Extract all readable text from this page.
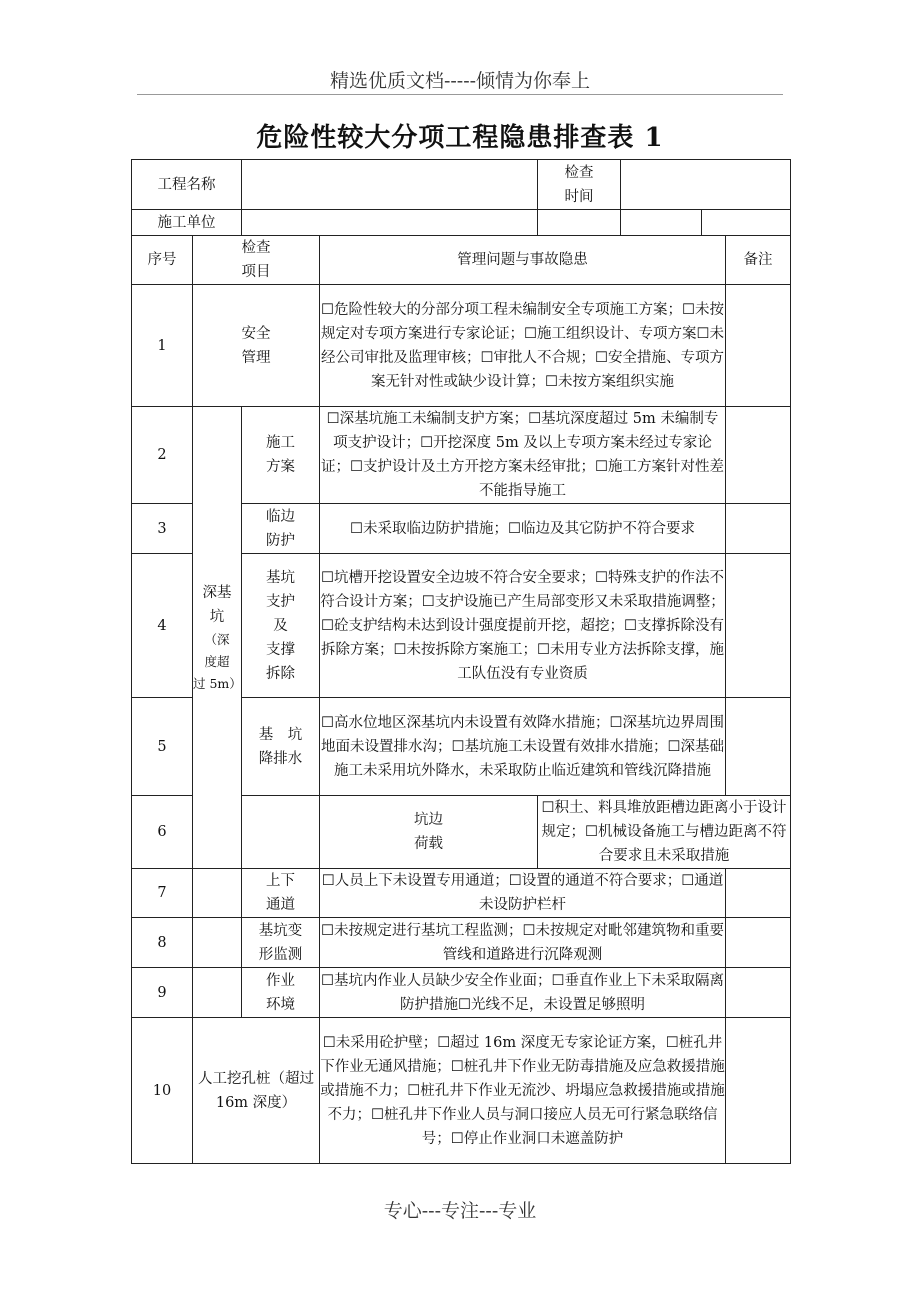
精选优质文档-----倾情为你奉上
危险性较大分项工程隐患排查表 1
工程名称				检查
时间				

施工单位								
序号	检查
项目		管理问题与事故隐患				备注	
1	安全
管理		☐危险性较大的分部分项工程未编制安全专项施工方案；☐未按规定对专项方案进行专家论证；☐施工组织设计、专项方案☐未经公司审批及监理审核；☐审批人不合规；☐安全措施、专项方案无针对性或缺少设计算；☐未按方案组织实施					
2	深基
坑
（深
度超
过 5m）	施工
方案	☐深基坑施工未编制支护方案；☐基坑深度超过 5m 未编制专项支护设计；☐开挖深度 5m 及以上专项方案未经过专家论证；☐支护设计及土方开挖方案未经审批；☐施工方案针对性差不能指导施工					
3		临边
防护	☐未采取临边防护措施；☐临边及其它防护不符合要求					
4		基坑
支护
及
支撑
拆除	☐坑槽开挖设置安全边坡不符合安全要求；☐特殊支护的作法不符合设计方案；☐支护设施已产生局部变形又未采取措施调整；☐砼支护结构未达到设计强度提前开挖，超挖；☐支撑拆除没有拆除方案；☐未按拆除方案施工；☐未用专业方法拆除支撑，施工队伍没有专业资质					
5		基　坑
降排水	☐高水位地区深基坑内未设置有效降水措施；☐深基坑边界周围地面未设置排水沟；☐基坑施工未设置有效排水措施；☐深基础施工未采用坑外降水，未采取防止临近建筑和管线沉降措施					
6			坑边
荷载	☐积土、料具堆放距槽边距离小于设计规定；☐机械设备施工与槽边距离不符合要求且未采取措施				
7		上下
通道	☐人员上下未设置专用通道；☐设置的通道不符合要求；☐通道未设防护栏杆					
8		基坑变
形监测	☐未按规定进行基坑工程监测；☐未按规定对毗邻建筑物和重要管线和道路进行沉降观测					
9		作业
环境	☐基坑内作业人员缺少安全作业面；☐垂直作业上下未采取隔离防护措施☐光线不足，未设置足够照明					
10	人工挖孔桩（超过 16m 深度）		☐未采用砼护壁；☐超过 16m 深度无专家论证方案，☐桩孔井下作业无通风措施；☐桩孔井下作业无防毒措施及应急救援措施或措施不力；☐桩孔井下作业无流沙、坍塌应急救援措施或措施不力；☐桩孔井下作业人员与洞口接应人员无可行紧急联络信号；☐停止作业洞口未遮盖防护					
专心---专注---专业
